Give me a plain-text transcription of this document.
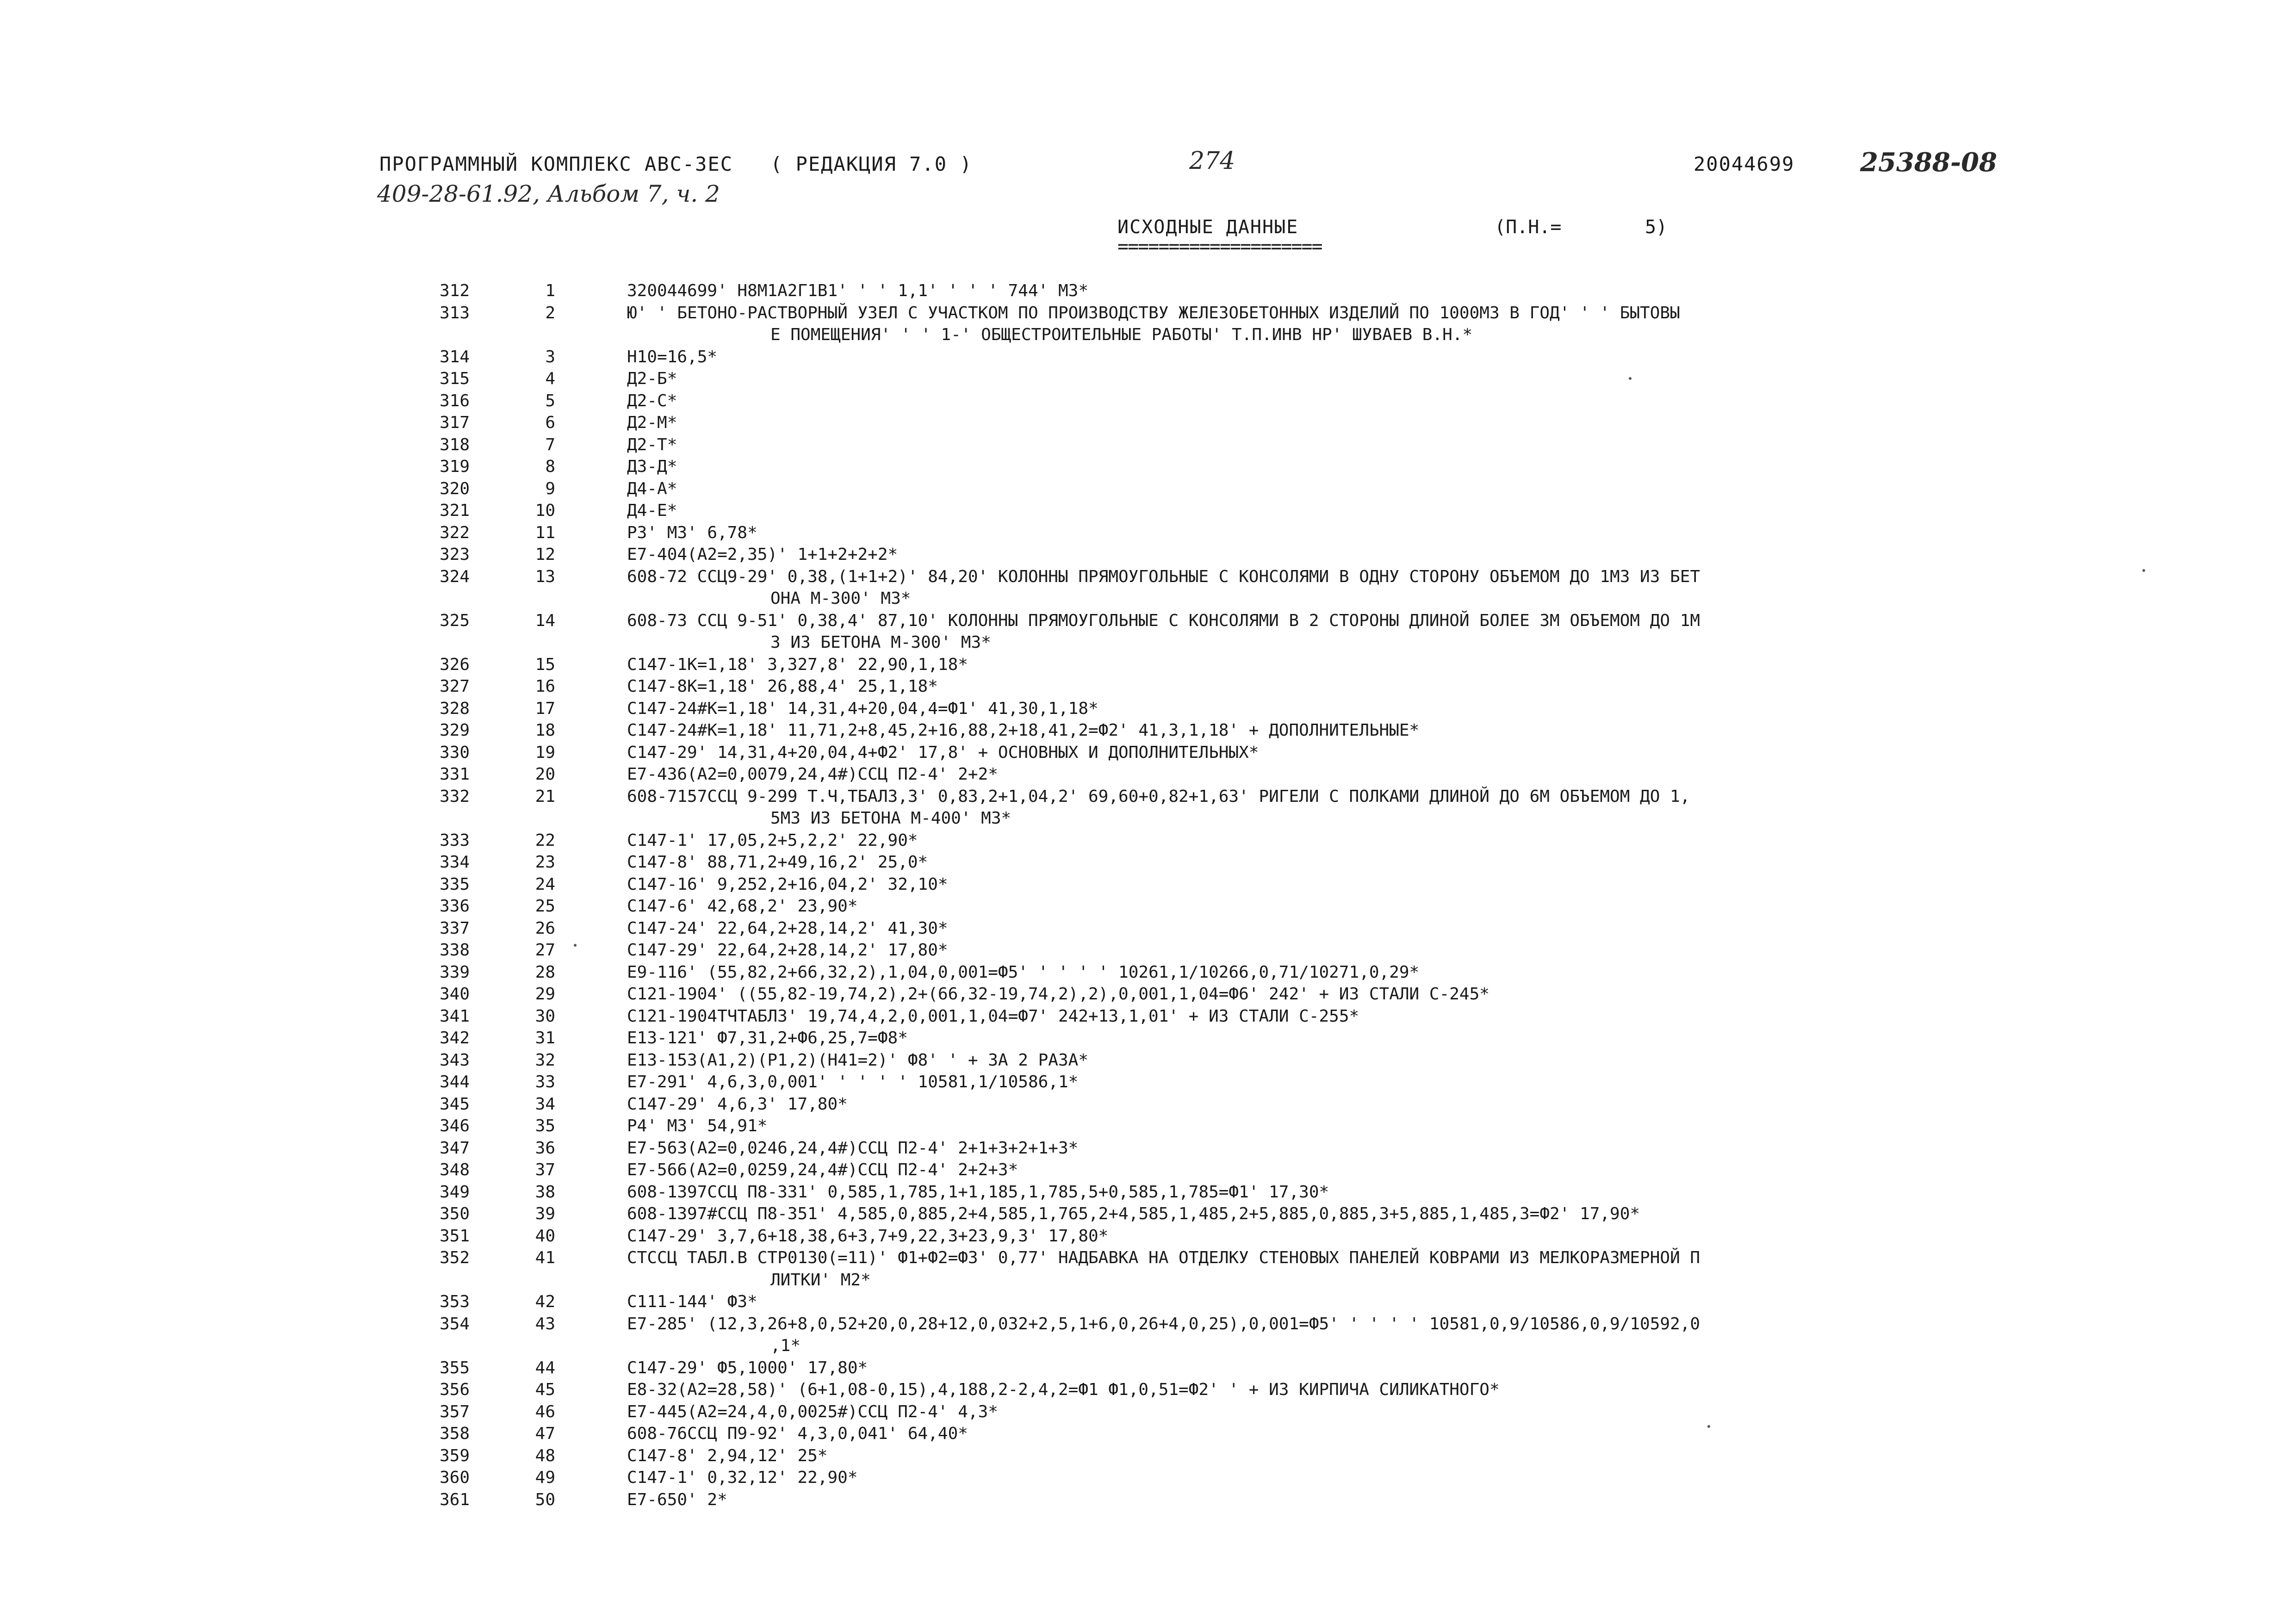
ПРОГРАММНЫЙ КОМПЛЕКС АВС-3ЕС ( РЕДАКЦИЯ 7.0 )	274	20044699	25388-08
409-28-61.92, Альбом 7, ч. 2
ИСХОДНЫЕ ДАННЫЕ	(П.Н.=	5)
====================
312	1	320044699' Н8М1А2Г1В1' ' ' 1,1' ' ' ' 744' М3*
313	2	Ю' ' БЕТОНО-РАСТВОРНЫЙ УЗЕЛ С УЧАСТКОМ ПО ПРОИЗВОДСТВУ ЖЕЛЕЗОБЕТОННЫХ ИЗДЕЛИЙ ПО 1000М3 В ГОД' ' ' БЫТОВЫ
Е ПОМЕЩЕНИЯ' ' ' 1-' ОБЩЕСТРОИТЕЛЬНЫЕ РАБОТЫ' Т.П.ИНВ НР' ШУВАЕВ В.Н.*
314	3	Н10=16,5*
315	4	Д2-Б*
316	5	Д2-С*
317	6	Д2-М*
318	7	Д2-Т*
319	8	Д3-Д*
320	9	Д4-А*
321	10	Д4-Е*
322	11	Р3' М3' 6,78*
323	12	Е7-404(А2=2,35)' 1+1+2+2+2*
324	13	608-72 ССЦ9-29' 0,38,(1+1+2)' 84,20' КОЛОННЫ ПРЯМОУГОЛЬНЫЕ С КОНСОЛЯМИ В ОДНУ СТОРОНУ ОБЪЕМОМ ДО 1М3 ИЗ БЕТ
ОНА М-300' М3*
325	14	608-73 ССЦ 9-51' 0,38,4' 87,10' КОЛОННЫ ПРЯМОУГОЛЬНЫЕ С КОНСОЛЯМИ В 2 СТОРОНЫ ДЛИНОЙ БОЛЕЕ 3М ОБЪЕМОМ ДО 1М
3 ИЗ БЕТОНА М-300' М3*
326	15	С147-1К=1,18' 3,327,8' 22,90,1,18*
327	16	С147-8К=1,18' 26,88,4' 25,1,18*
328	17	С147-24#К=1,18' 14,31,4+20,04,4=Ф1' 41,30,1,18*
329	18	С147-24#К=1,18' 11,71,2+8,45,2+16,88,2+18,41,2=Ф2' 41,3,1,18' + ДОПОЛНИТЕЛЬНЫЕ*
330	19	С147-29' 14,31,4+20,04,4+Ф2' 17,8' + ОСНОВНЫХ И ДОПОЛНИТЕЛЬНЫХ*
331	20	Е7-436(А2=0,0079,24,4#)ССЦ П2-4' 2+2*
332	21	608-7157ССЦ 9-299 Т.Ч,ТБАЛ3,3' 0,83,2+1,04,2' 69,60+0,82+1,63' РИГЕЛИ С ПОЛКАМИ ДЛИНОЙ ДО 6М ОБЪЕМОМ ДО 1,
5М3 ИЗ БЕТОНА М-400' М3*
333	22	С147-1' 17,05,2+5,2,2' 22,90*
334	23	С147-8' 88,71,2+49,16,2' 25,0*
335	24	С147-16' 9,252,2+16,04,2' 32,10*
336	25	С147-6' 42,68,2' 23,90*
337	26	С147-24' 22,64,2+28,14,2' 41,30*
338	27	С147-29' 22,64,2+28,14,2' 17,80*
339	28	Е9-116' (55,82,2+66,32,2),1,04,0,001=Ф5' ' ' ' ' 10261,1/10266,0,71/10271,0,29*
340	29	С121-1904' ((55,82-19,74,2),2+(66,32-19,74,2),2),0,001,1,04=Ф6' 242' + ИЗ СТАЛИ С-245*
341	30	С121-1904ТЧТАБЛ3' 19,74,4,2,0,001,1,04=Ф7' 242+13,1,01' + ИЗ СТАЛИ С-255*
342	31	Е13-121' Ф7,31,2+Ф6,25,7=Ф8*
343	32	Е13-153(А1,2)(Р1,2)(Н41=2)' Ф8' ' + ЗА 2 РАЗА*
344	33	Е7-291' 4,6,3,0,001' ' ' ' ' 10581,1/10586,1*
345	34	С147-29' 4,6,3' 17,80*
346	35	Р4' М3' 54,91*
347	36	Е7-563(А2=0,0246,24,4#)ССЦ П2-4' 2+1+3+2+1+3*
348	37	Е7-566(А2=0,0259,24,4#)ССЦ П2-4' 2+2+3*
349	38	608-1397ССЦ П8-331' 0,585,1,785,1+1,185,1,785,5+0,585,1,785=Ф1' 17,30*
350	39	608-1397#ССЦ П8-351' 4,585,0,885,2+4,585,1,765,2+4,585,1,485,2+5,885,0,885,3+5,885,1,485,3=Ф2' 17,90*
351	40	С147-29' 3,7,6+18,38,6+3,7+9,22,3+23,9,3' 17,80*
352	41	СТССЦ ТАБЛ.В СТР0130(=11)' Ф1+Ф2=Ф3' 0,77' НАДБАВКА НА ОТДЕЛКУ СТЕНОВЫХ ПАНЕЛЕЙ КОВРАМИ ИЗ МЕЛКОРАЗМЕРНОЙ П
ЛИТКИ' М2*
353	42	С111-144' Ф3*
354	43	Е7-285' (12,3,26+8,0,52+20,0,28+12,0,032+2,5,1+6,0,26+4,0,25),0,001=Ф5' ' ' ' ' 10581,0,9/10586,0,9/10592,0
,1*
355	44	С147-29' Ф5,1000' 17,80*
356	45	Е8-32(А2=28,58)' (6+1,08-0,15),4,188,2-2,4,2=Ф1 Ф1,0,51=Ф2' ' + ИЗ КИРПИЧА СИЛИКАТНОГО*
357	46	Е7-445(А2=24,4,0,0025#)ССЦ П2-4' 4,3*
358	47	608-76ССЦ П9-92' 4,3,0,041' 64,40*
359	48	С147-8' 2,94,12' 25*
360	49	С147-1' 0,32,12' 22,90*
361	50	Е7-650' 2*
